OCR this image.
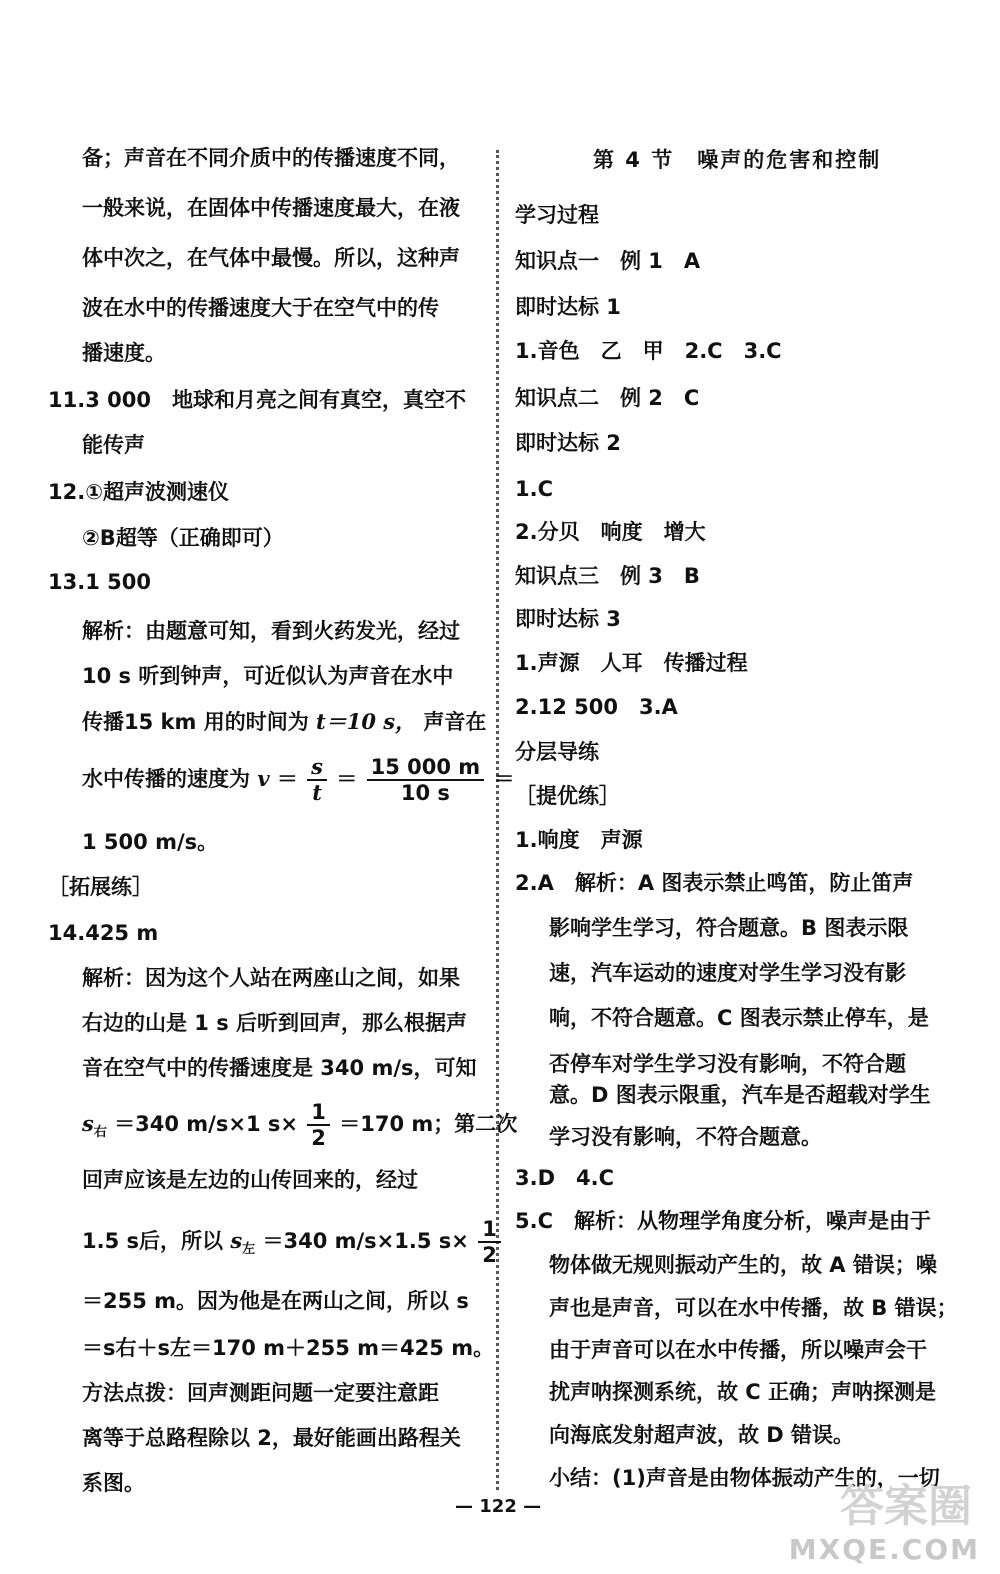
备；声音在不同介质中的传播速度不同，
一般来说，在固体中传播速度最大，在液
体中次之，在气体中最慢。所以，这种声
波在水中的传播速度大于在空气中的传
播速度。
11.3 000　地球和月亮之间有真空，真空不
能传声
12.①超声波测速仪
②B超等（正确即可）
13.1 500
解析：由题意可知，看到火药发光，经过
10 s 听到钟声，可近似认为声音在水中
传播15 km 用的时间为 t＝10 s， 声音在
水中传播的速度为 $v = \frac{s}{t} = \frac{15 000 m}{10 s}$ ＝
1 500 m/s。
［拓展练］
14.425 m
解析：因为这个人站在两座山之间，如果
右边的山是 1 s 后听到回声，那么根据声
音在空气中的传播速度是 340 m/s，可知
$s_右 =340$ m/s×1 $s\times \frac{1}{2} =170$ m；第二次
回声应该是左边的山传回来的，经过
1.5 s后，所以 $s_左 =340$ m/s×1.5 $s\times \frac{1}{2}$
＝255 m。因为他是在两山之间，所以 s
＝s右＋s左＝170 m＋255 m＝425 m。
方法点拨：回声测距问题一定要注意距
离等于总路程除以 2，最好能画出路程关
系图。
第 4 节　噪声的危害和控制
学习过程
知识点一　例 1　A
即时达标 1
1.音色　乙　甲　2.C　3.C
知识点二　例 2　C
即时达标 2
1.C
2.分贝　响度　增大
知识点三　例 3　B
即时达标 3
1.声源　人耳　传播过程
2.12 500　3.A
分层导练
［提优练］
1.响度　声源
2.A　解析：A 图表示禁止鸣笛，防止笛声
影响学生学习，符合题意。B 图表示限
速，汽车运动的速度对学生学习没有影
响，不符合题意。C 图表示禁止停车，是
否停车对学生学习没有影响，不符合题
意。D 图表示限重，汽车是否超载对学生
学习没有影响，不符合题意。
3.D　4.C
5.C　解析：从物理学角度分析，噪声是由于
物体做无规则振动产生的，故 A 错误；噪
声也是声音，可以在水中传播，故 B 错误；
由于声音可以在水中传播，所以噪声会干
扰声呐探测系统，故 C 正确；声呐探测是
向海底发射超声波，故 D 错误。
小结：(1)声音是由物体振动产生的，一切
— 122 —	答案圈
MXQE.COM
